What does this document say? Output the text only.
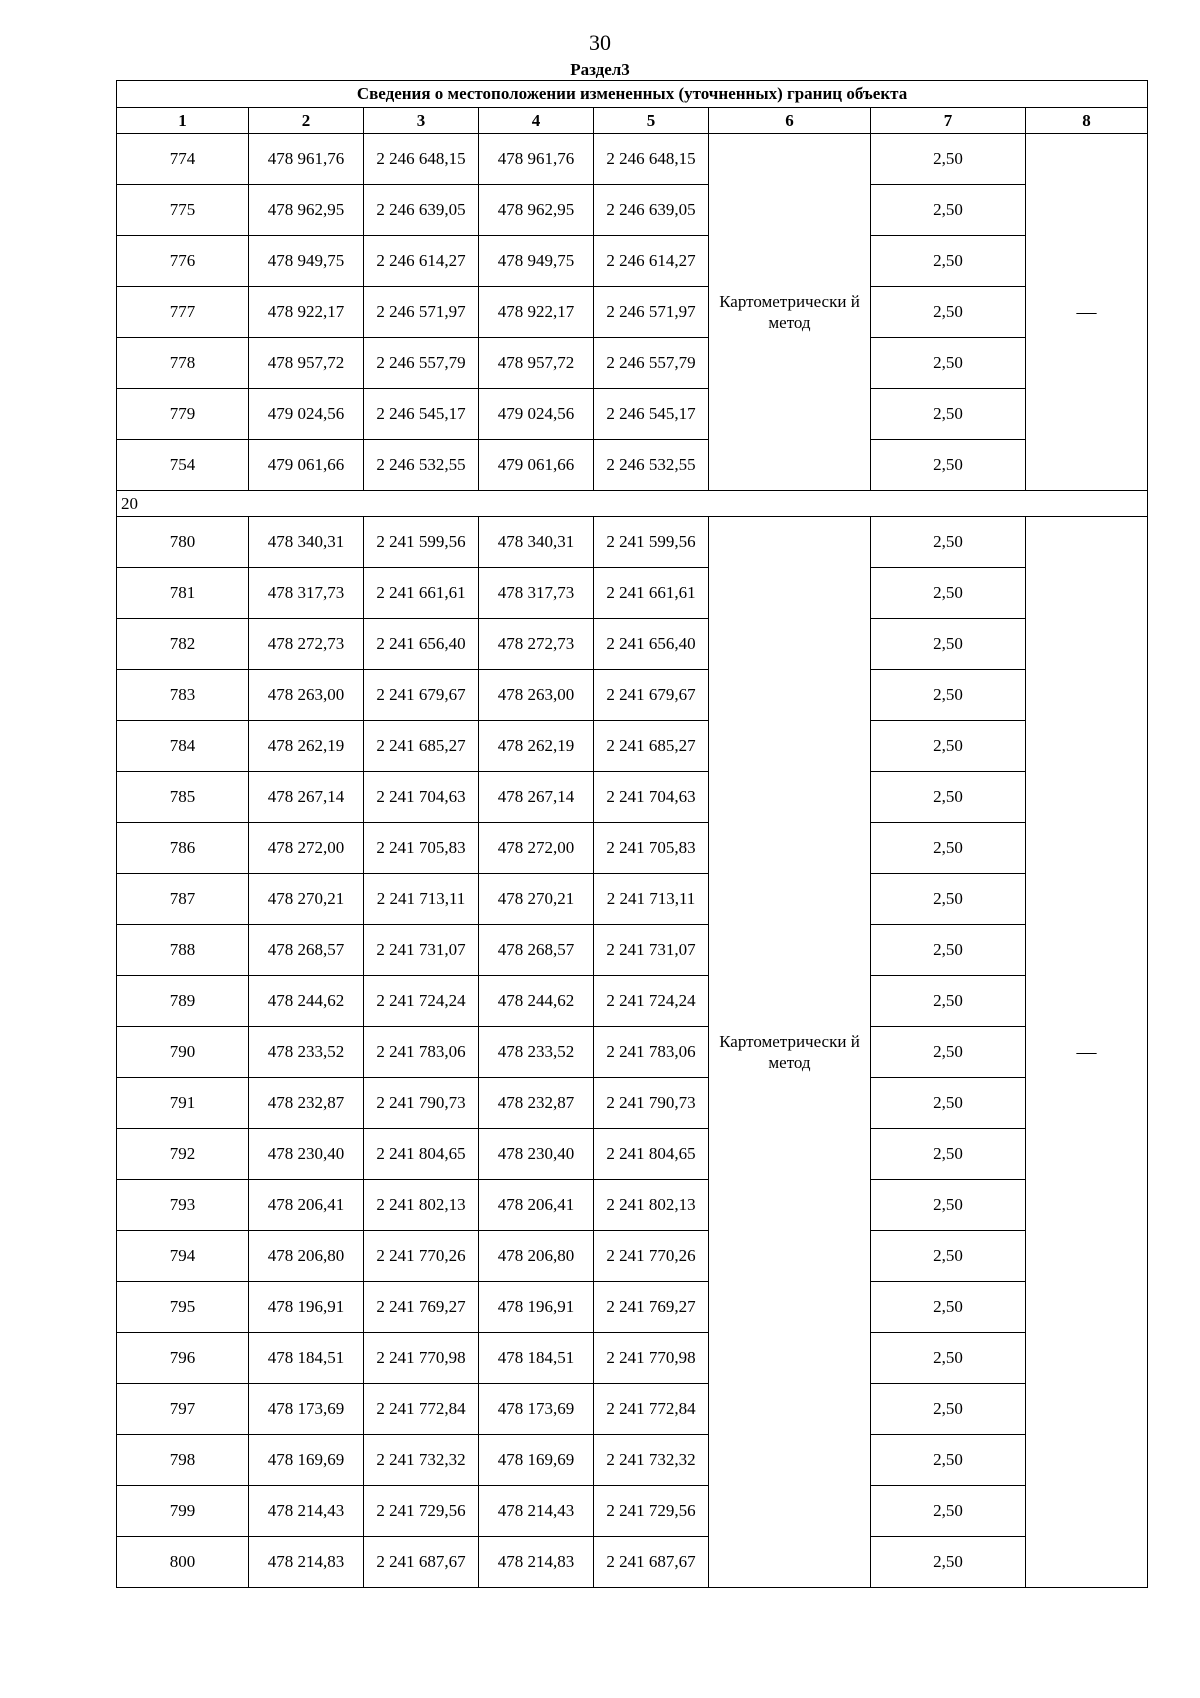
30
Раздел3
Сведения о местоположении измененных (уточненных) границ объекта							
1	2	3	4	5	6	7	8
774	478 961,76	2 246 648,15	478 961,76	2 246 648,15	Картометрически й метод	2,50	—
775	478 962,95	2 246 639,05	478 962,95	2 246 639,05		2,50	
776	478 949,75	2 246 614,27	478 949,75	2 246 614,27		2,50	
777	478 922,17	2 246 571,97	478 922,17	2 246 571,97		2,50	
778	478 957,72	2 246 557,79	478 957,72	2 246 557,79		2,50	
779	479 024,56	2 246 545,17	479 024,56	2 246 545,17		2,50	
754	479 061,66	2 246 532,55	479 061,66	2 246 532,55		2,50	
20							
780	478 340,31	2 241 599,56	478 340,31	2 241 599,56	Картометрически й метод	2,50	—
781	478 317,73	2 241 661,61	478 317,73	2 241 661,61		2,50	
782	478 272,73	2 241 656,40	478 272,73	2 241 656,40		2,50	
783	478 263,00	2 241 679,67	478 263,00	2 241 679,67		2,50	
784	478 262,19	2 241 685,27	478 262,19	2 241 685,27		2,50	
785	478 267,14	2 241 704,63	478 267,14	2 241 704,63		2,50	
786	478 272,00	2 241 705,83	478 272,00	2 241 705,83		2,50	
787	478 270,21	2 241 713,11	478 270,21	2 241 713,11		2,50	
788	478 268,57	2 241 731,07	478 268,57	2 241 731,07		2,50	
789	478 244,62	2 241 724,24	478 244,62	2 241 724,24		2,50	
790	478 233,52	2 241 783,06	478 233,52	2 241 783,06		2,50	
791	478 232,87	2 241 790,73	478 232,87	2 241 790,73		2,50	
792	478 230,40	2 241 804,65	478 230,40	2 241 804,65		2,50	
793	478 206,41	2 241 802,13	478 206,41	2 241 802,13		2,50	
794	478 206,80	2 241 770,26	478 206,80	2 241 770,26		2,50	
795	478 196,91	2 241 769,27	478 196,91	2 241 769,27		2,50	
796	478 184,51	2 241 770,98	478 184,51	2 241 770,98		2,50	
797	478 173,69	2 241 772,84	478 173,69	2 241 772,84		2,50	
798	478 169,69	2 241 732,32	478 169,69	2 241 732,32		2,50	
799	478 214,43	2 241 729,56	478 214,43	2 241 729,56		2,50	
800	478 214,83	2 241 687,67	478 214,83	2 241 687,67		2,50	
